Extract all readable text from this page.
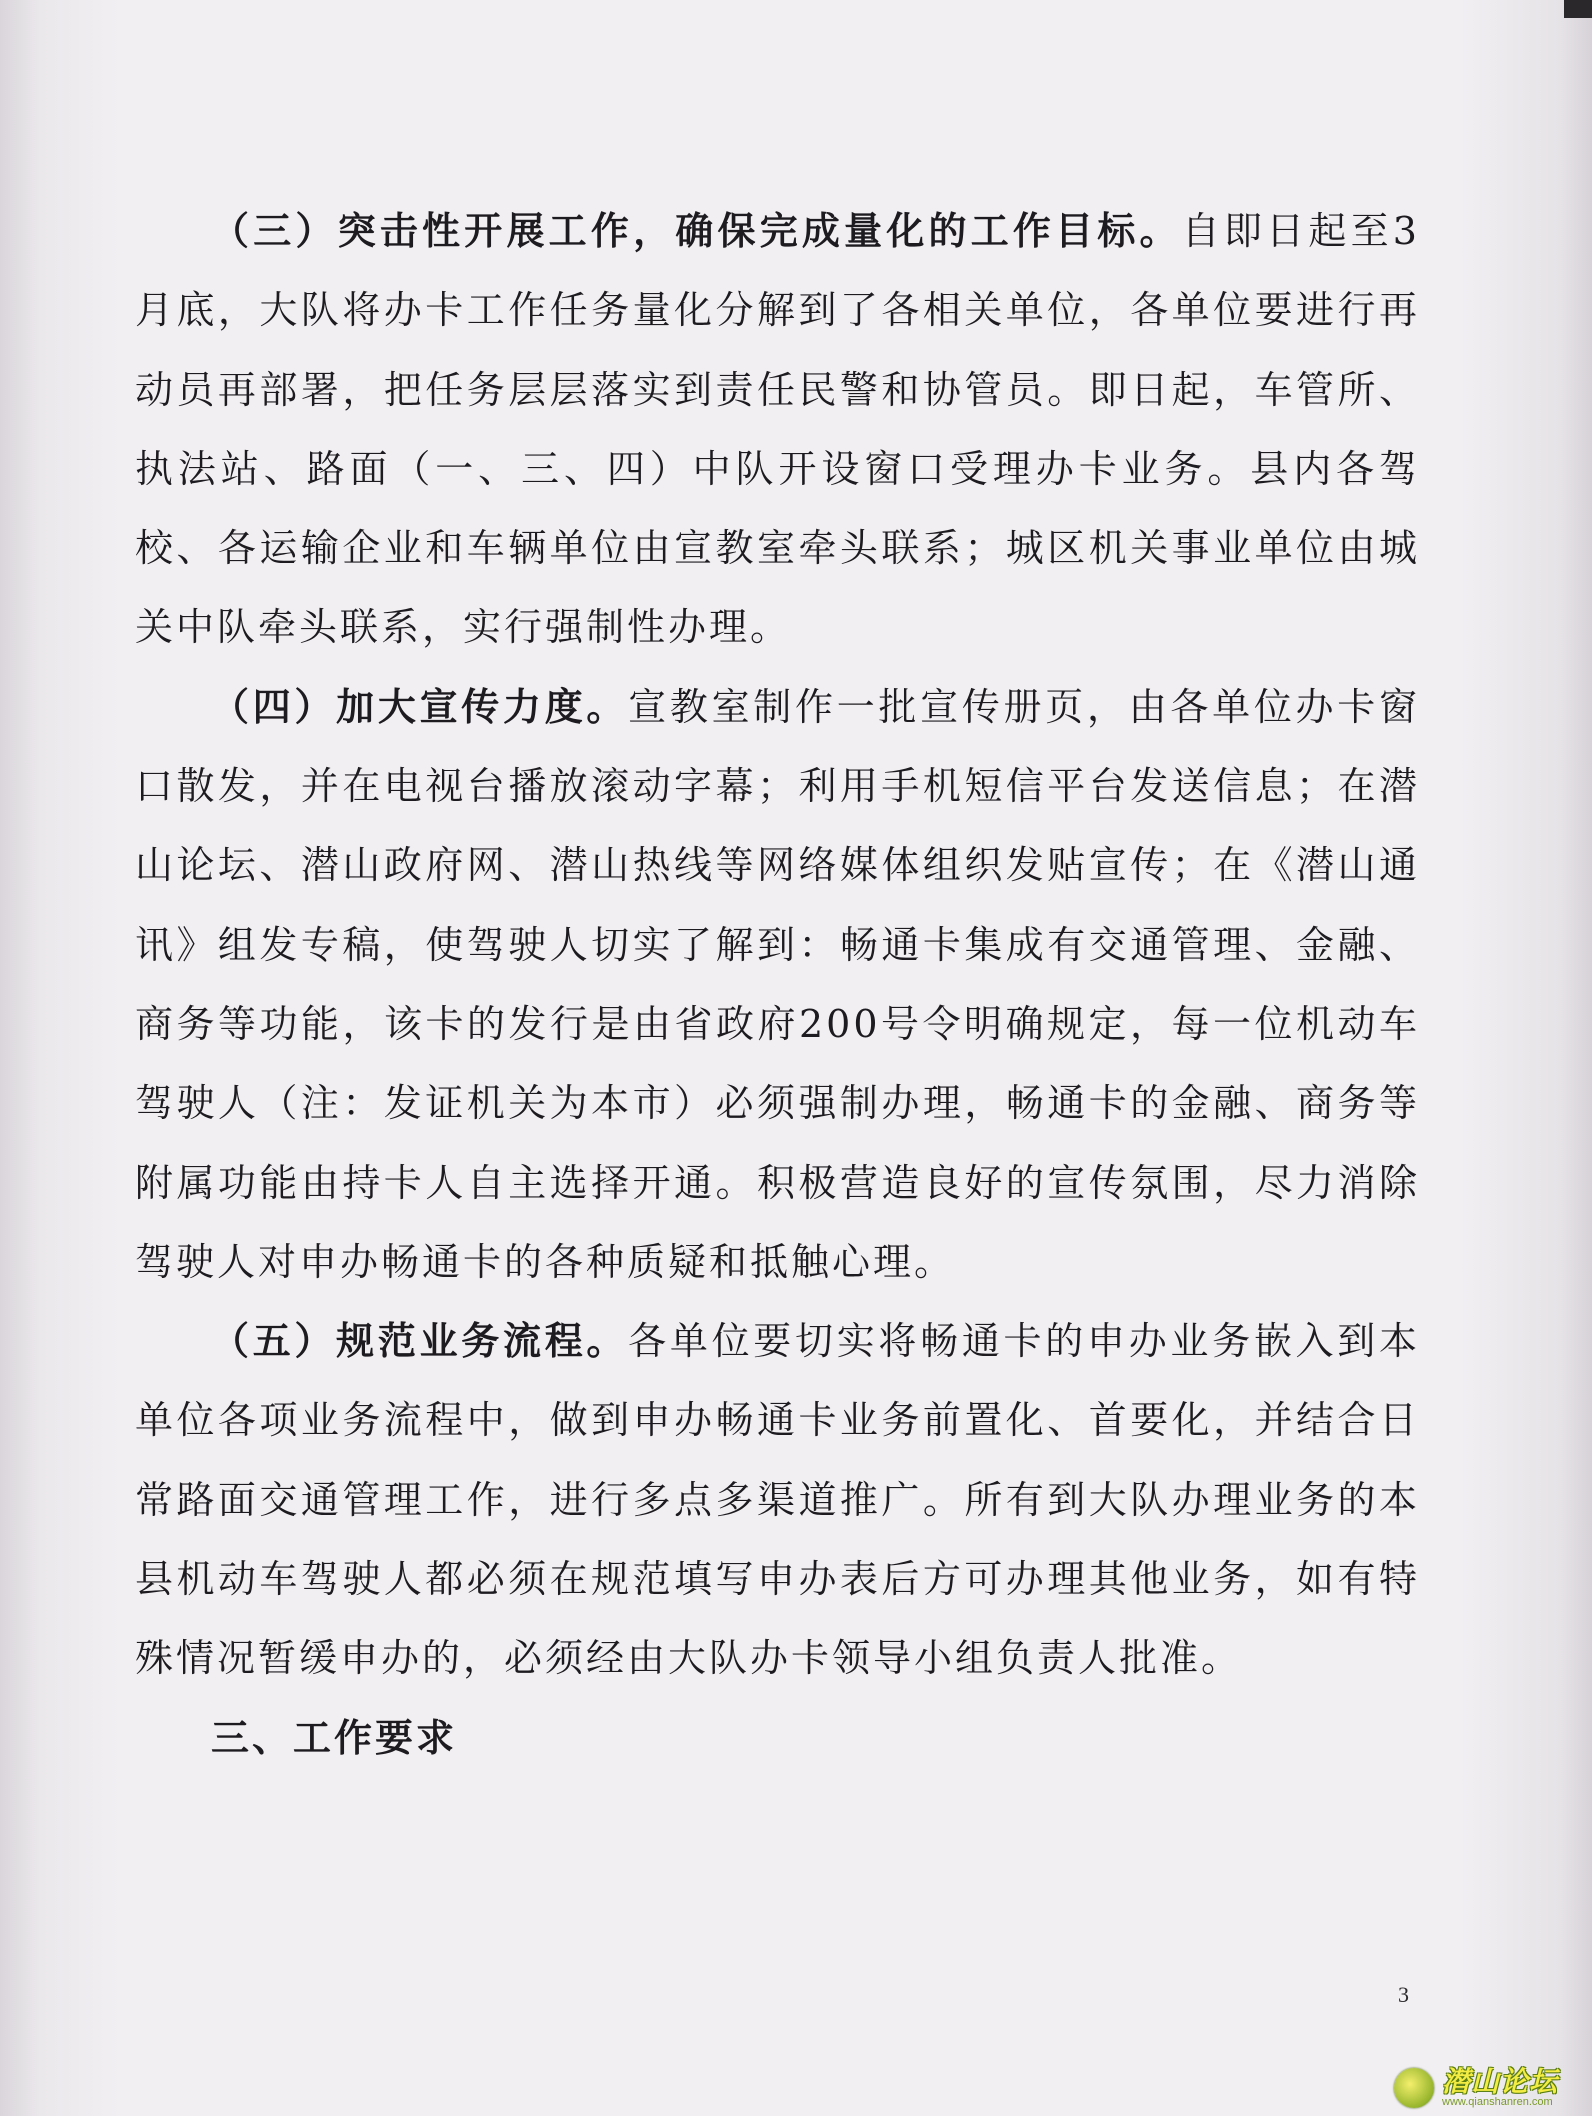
（三）突击性开展工作，确保完成量化的工作目标。自即日起至3月底，大队将办卡工作任务量化分解到了各相关单位，各单位要进行再动员再部署，把任务层层落实到责任民警和协管员。即日起，车管所、执法站、路面（一、三、四）中队开设窗口受理办卡业务。县内各驾校、各运输企业和车辆单位由宣教室牵头联系；城区机关事业单位由城关中队牵头联系，实行强制性办理。

（四）加大宣传力度。宣教室制作一批宣传册页，由各单位办卡窗口散发，并在电视台播放滚动字幕；利用手机短信平台发送信息；在潜山论坛、潜山政府网、潜山热线等网络媒体组织发贴宣传；在《潜山通讯》组发专稿，使驾驶人切实了解到：畅通卡集成有交通管理、金融、商务等功能，该卡的发行是由省政府200号令明确规定，每一位机动车驾驶人（注：发证机关为本市）必须强制办理，畅通卡的金融、商务等附属功能由持卡人自主选择开通。积极营造良好的宣传氛围，尽力消除驾驶人对申办畅通卡的各种质疑和抵触心理。

（五）规范业务流程。各单位要切实将畅通卡的申办业务嵌入到本单位各项业务流程中，做到申办畅通卡业务前置化、首要化，并结合日常路面交通管理工作，进行多点多渠道推广。所有到大队办理业务的本县机动车驾驶人都必须在规范填写申办表后方可办理其他业务，如有特殊情况暂缓申办的，必须经由大队办卡领导小组负责人批准。

三、工作要求

3
潜山论坛
www.qianshanren.com
